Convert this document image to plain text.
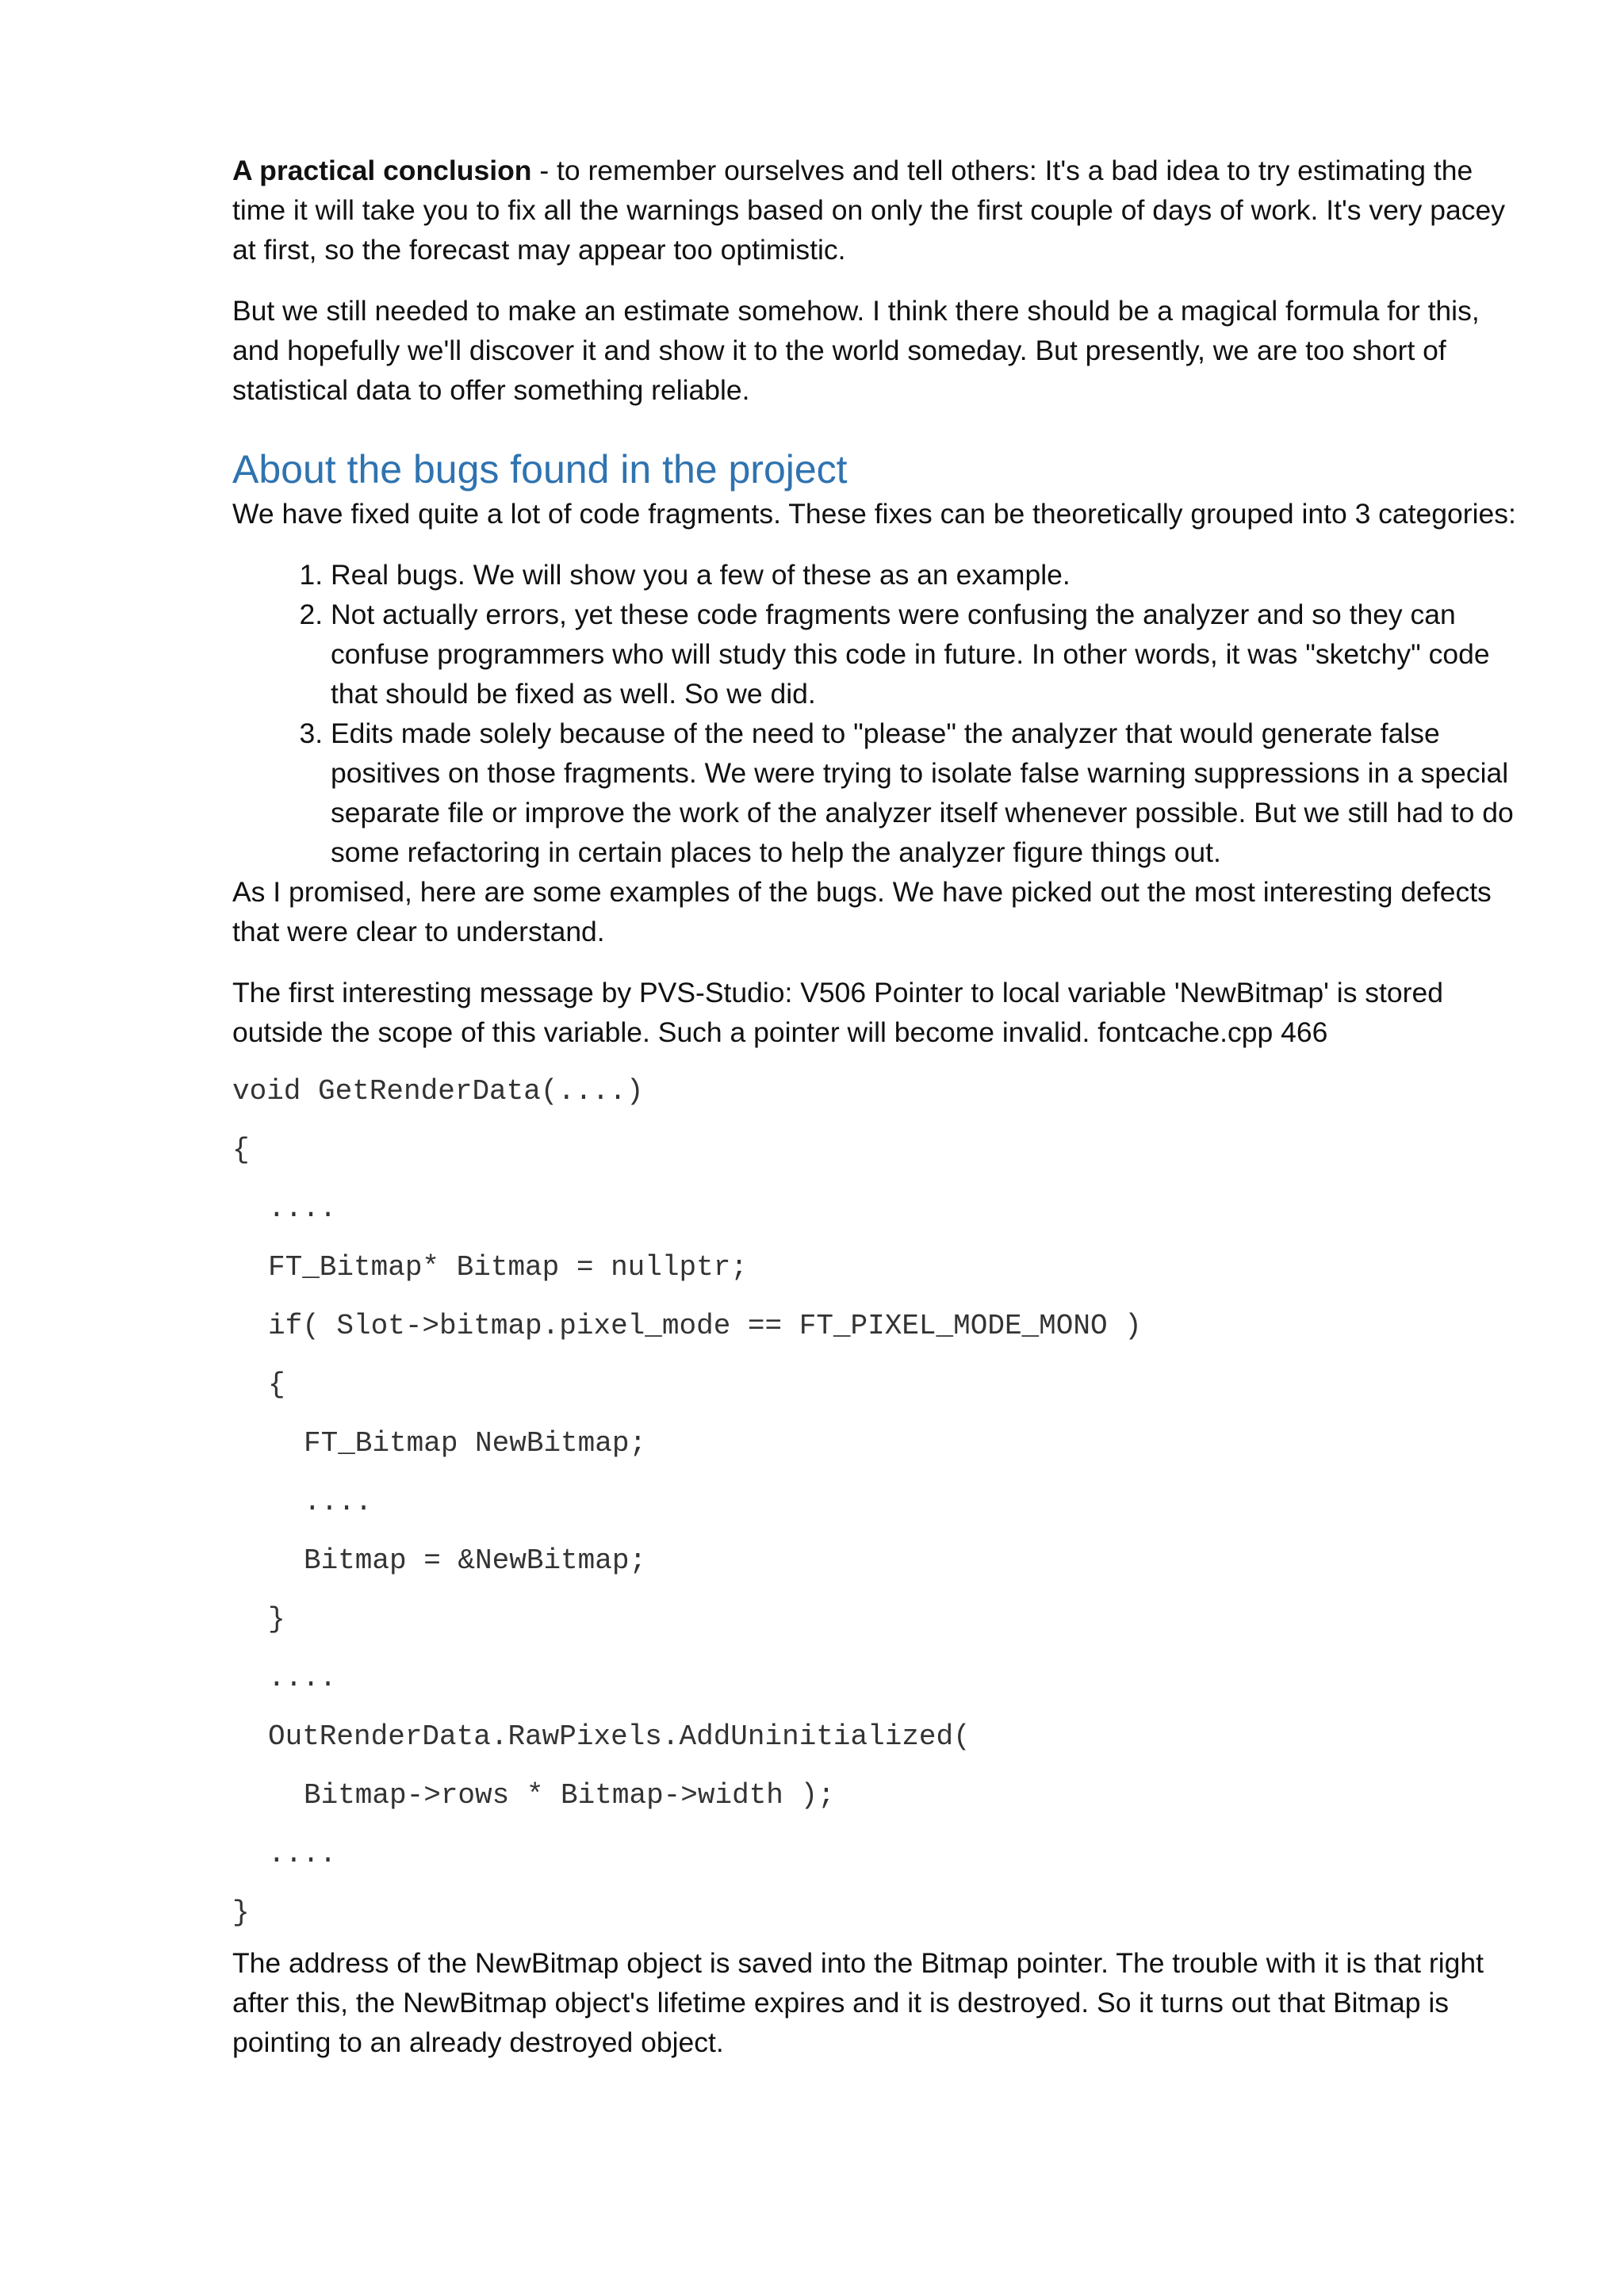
A practical conclusion - to remember ourselves and tell others: It's a bad idea to try estimating the time it will take you to fix all the warnings based on only the first couple of days of work. It's very pacey at first, so the forecast may appear too optimistic.

But we still needed to make an estimate somehow. I think there should be a magical formula for this, and hopefully we'll discover it and show it to the world someday. But presently, we are too short of statistical data to offer something reliable.

About the bugs found in the project

We have fixed quite a lot of code fragments. These fixes can be theoretically grouped into 3 categories:

1. Real bugs. We will show you a few of these as an example.
2. Not actually errors, yet these code fragments were confusing the analyzer and so they can confuse programmers who will study this code in future. In other words, it was "sketchy" code that should be fixed as well. So we did.
3. Edits made solely because of the need to "please" the analyzer that would generate false positives on those fragments. We were trying to isolate false warning suppressions in a special separate file or improve the work of the analyzer itself whenever possible. But we still had to do some refactoring in certain places to help the analyzer figure things out.

As I promised, here are some examples of the bugs. We have picked out the most interesting defects that were clear to understand.

The first interesting message by PVS-Studio: V506 Pointer to local variable 'NewBitmap' is stored outside the scope of this variable. Such a pointer will become invalid. fontcache.cpp 466

void GetRenderData(....)
{
....
FT_Bitmap* Bitmap = nullptr;
if( Slot->bitmap.pixel_mode == FT_PIXEL_MODE_MONO )
{
FT_Bitmap NewBitmap;
....
Bitmap = &NewBitmap;
}
....
OutRenderData.RawPixels.AddUninitialized(
Bitmap->rows * Bitmap->width );
....
}

The address of the NewBitmap object is saved into the Bitmap pointer. The trouble with it is that right after this, the NewBitmap object's lifetime expires and it is destroyed. So it turns out that Bitmap is pointing to an already destroyed object.
